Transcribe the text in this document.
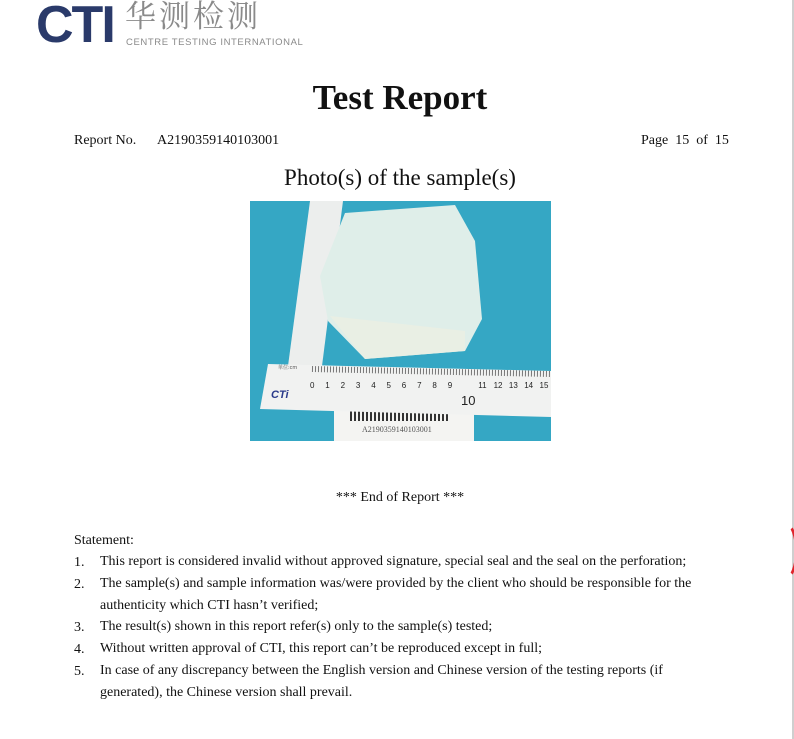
CTI 华测检测
CENTRE TESTING INTERNATIONAL
Test Report
Report No. A2190359140103001	Page 15 of 15
Photo(s) of the sample(s)
单位:cm
CTi
0 1 2 3 4 5 6 7 8 9	11 12 13 14 15
10
A2190359140103001
*** End of Report ***
Statement:
1. This report is considered invalid without approved signature, special seal and the seal on the perforation;
2. The sample(s) and sample information was/were provided by the client who should be responsible for the authenticity which CTI hasn’t verified;
3. The result(s) shown in this report refer(s) only to the sample(s) tested;
4. Without written approval of CTI, this report can’t be reproduced except in full;
5. In case of any discrepancy between the English version and Chinese version of the testing reports (if generated), the Chinese version shall prevail.
